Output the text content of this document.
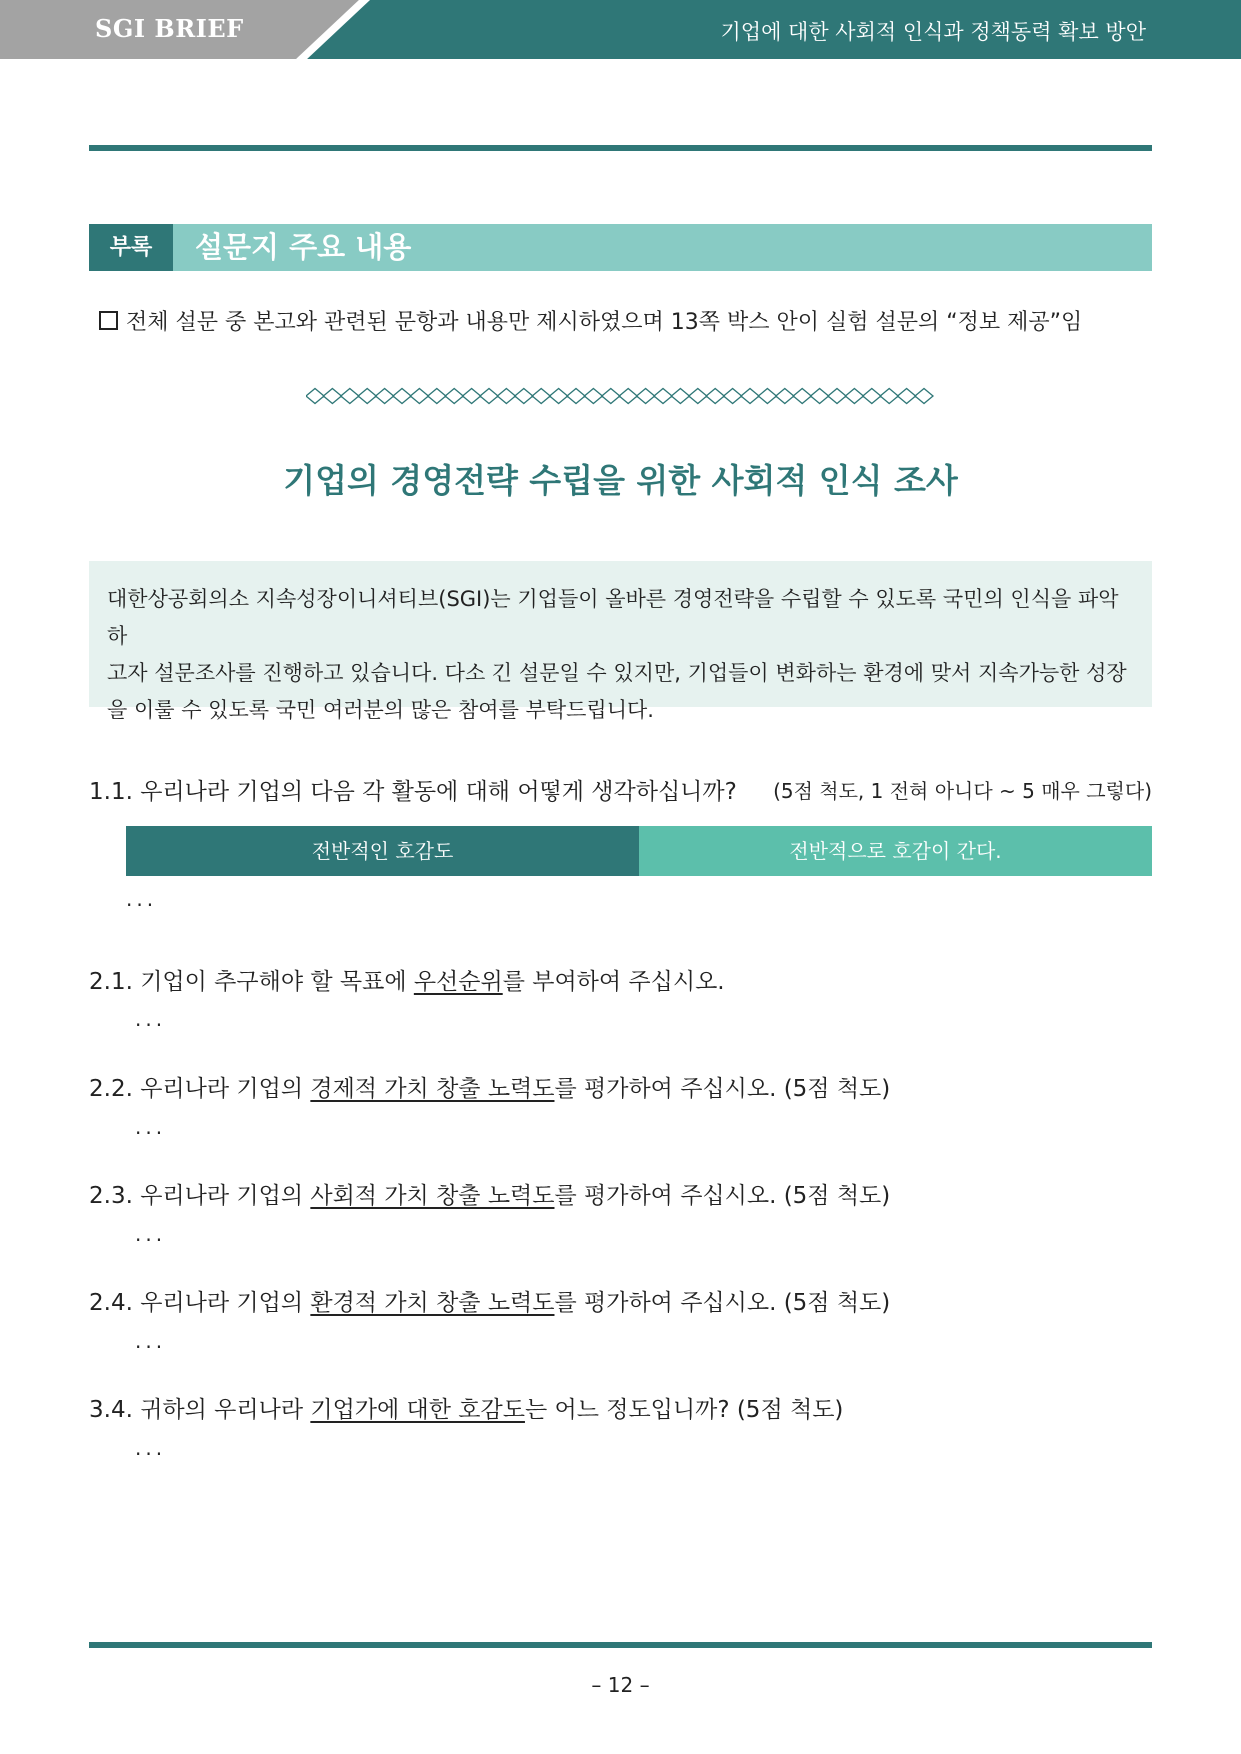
SGI BRIEF	기업에 대한 사회적 인식과 정책동력 확보 방안
부록	설문지 주요 내용
전체 설문 중 본고와 관련된 문항과 내용만 제시하였으며 13쪽 박스 안이 실험 설문의 “정보 제공”임
기업의 경영전략 수립을 위한 사회적 인식 조사
대한상공회의소 지속성장이니셔티브(SGI)는 기업들이 올바른 경영전략을 수립할 수 있도록 국민의 인식을 파악하
고자 설문조사를 진행하고 있습니다. 다소 긴 설문일 수 있지만, 기업들이 변화하는 환경에 맞서 지속가능한 성장
을 이룰 수 있도록 국민 여러분의 많은 참여를 부탁드립니다.
1.1. 우리나라 기업의 다음 각 활동에 대해 어떻게 생각하십니까? (5점 척도, 1 전혀 아니다 ~ 5 매우 그렇다)
전반적인 호감도	전반적으로 호감이 간다.
...
2.1. 기업이 추구해야 할 목표에 우선순위를 부여하여 주십시오.
...
2.2. 우리나라 기업의 경제적 가치 창출 노력도를 평가하여 주십시오. (5점 척도)
...
2.3. 우리나라 기업의 사회적 가치 창출 노력도를 평가하여 주십시오. (5점 척도)
...
2.4. 우리나라 기업의 환경적 가치 창출 노력도를 평가하여 주십시오. (5점 척도)
...
3.4. 귀하의 우리나라 기업가에 대한 호감도는 어느 정도입니까? (5점 척도)
...
– 12 –
